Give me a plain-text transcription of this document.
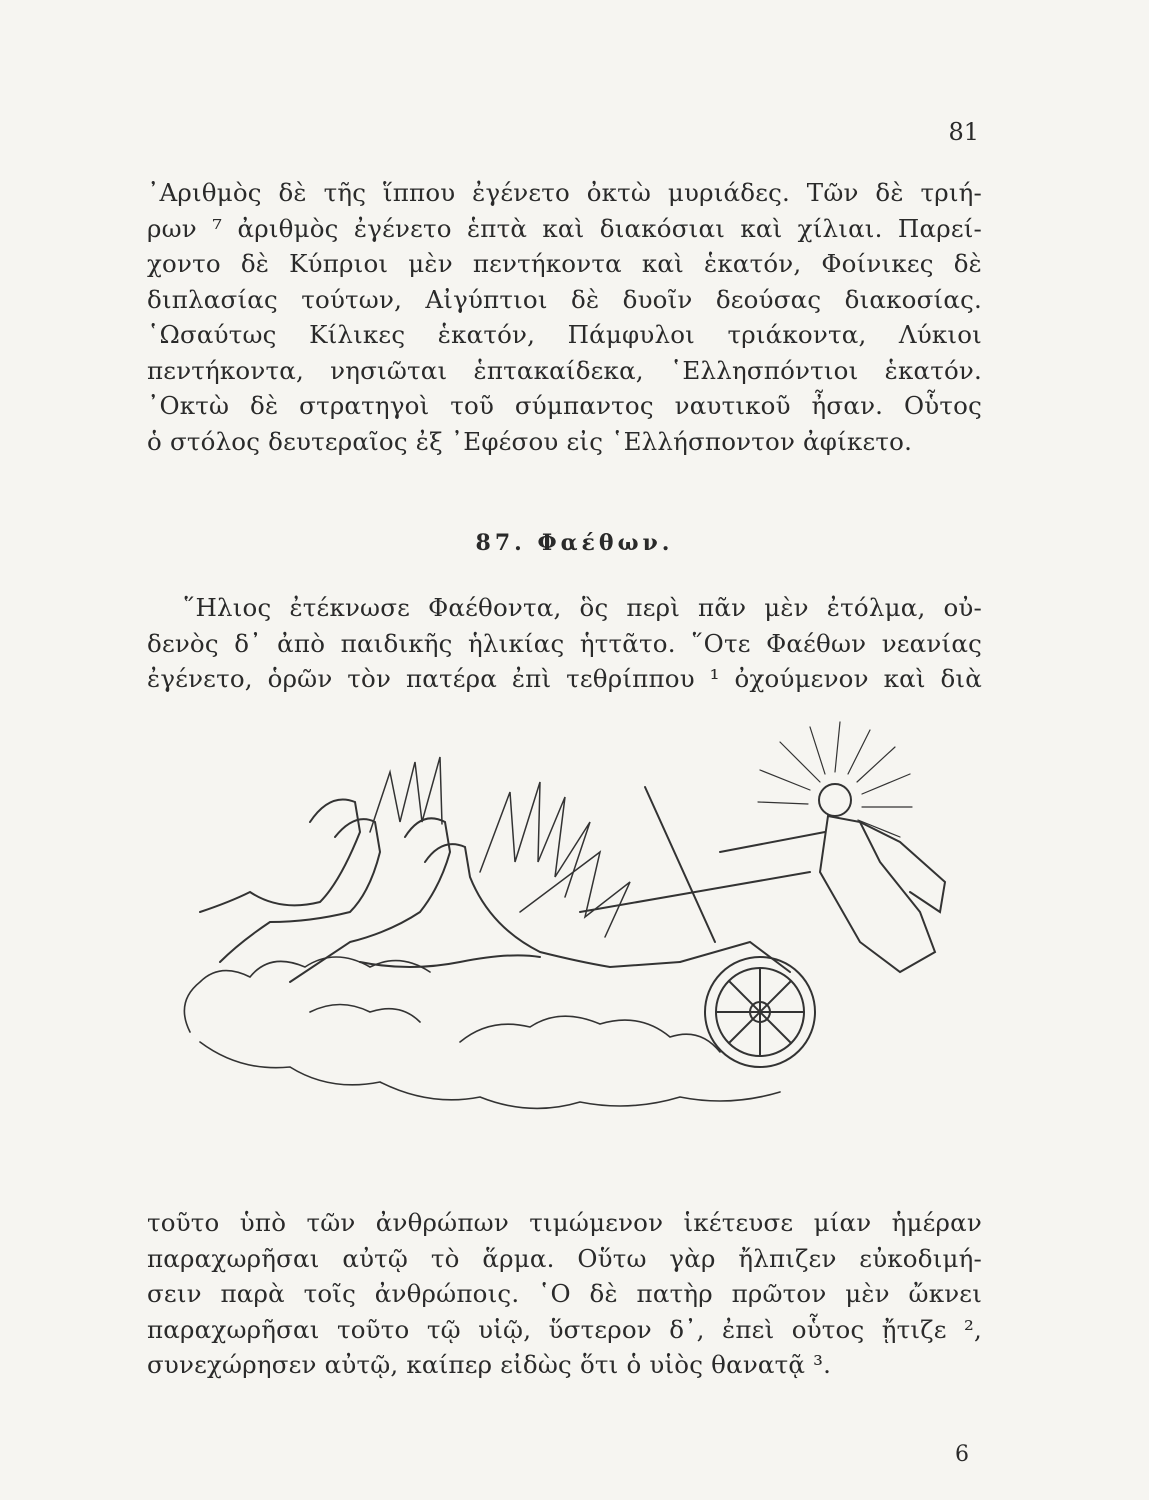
81
᾿Αριθμὸς δὲ τῆς ἵππου ἐγένετο ὀκτὼ μυριάδες. Τῶν δὲ τριή-
ρων ⁷ ἀριθμὸς ἐγένετο ἑπτὰ καὶ διακόσιαι καὶ χίλιαι. Παρεί-
χοντο δὲ Κύπριοι μὲν πεντήκοντα καὶ ἑκατόν, Φοίνικες δὲ
διπλασίας τούτων, Αἰγύπτιοι δὲ δυοῖν δεούσας διακοσίας.
῾Ωσαύτως Κίλικες ἑκατόν, Πάμφυλοι τριάκοντα, Λύκιοι
πεντήκοντα, νησιῶται ἑπτακαίδεκα, ῾Ελλησπόντιοι ἑκατόν.
᾿Οκτὼ δὲ στρατηγοὶ τοῦ σύμπαντος ναυτικοῦ ἦσαν. Οὗτος
ὁ στόλος δευτεραῖος ἐξ ᾿Εφέσου εἰς ῾Ελλήσποντον ἀφίκετο.
87. Φαέθων.
῞Ηλιος ἐτέκνωσε Φαέθοντα, ὃς περὶ πᾶν μὲν ἐτόλμα, οὐ-
δενὸς δ᾿ ἀπὸ παιδικῆς ἡλικίας ἡττᾶτο. ῞Οτε Φαέθων νεανίας
ἐγένετο, ὁρῶν τὸν πατέρα ἐπὶ τεθρίππου ¹ ὀχούμενον καὶ διὰ
τοῦτο ὑπὸ τῶν ἀνθρώπων τιμώμενον ἱκέτευσε μίαν ἡμέραν
παραχωρῆσαι αὐτῷ τὸ ἅρμα. Οὕτω γὰρ ἤλπιζεν εὐκοδιμή-
σειν παρὰ τοῖς ἀνθρώποις. ῾Ο δὲ πατὴρ πρῶτον μὲν ὤκνει
παραχωρῆσαι τοῦτο τῷ υἱῷ, ὕστερον δ᾿, ἐπεὶ οὗτος ᾔτιζε ²,
συνεχώρησεν αὐτῷ, καίπερ εἰδὼς ὅτι ὁ υἱὸς θανατᾷ ³.
6
